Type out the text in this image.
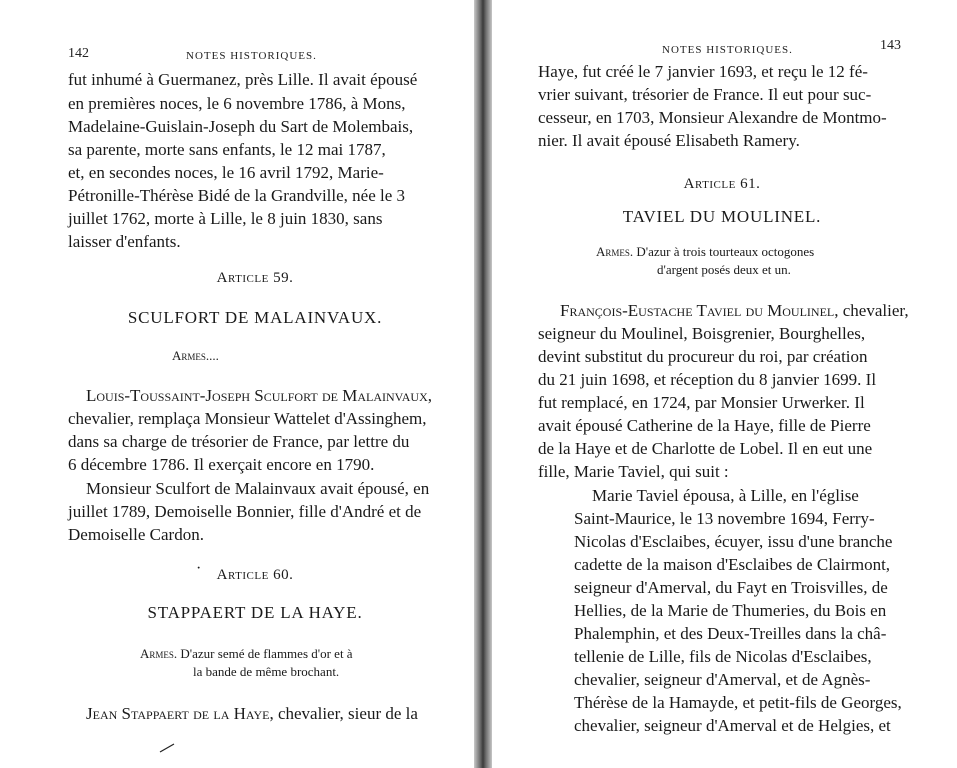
142	NOTES HISTORIQUES.
fut inhumé à Guermanez, près Lille. Il avait épousé
en premières noces, le 6 novembre 1786, à Mons,
Madelaine-Guislain-Joseph du Sart de Molembais,
sa parente, morte sans enfants, le 12 mai 1787,
et, en secondes noces, le 16 avril 1792, Marie-
Pétronille-Thérèse Bidé de la Grandville, née le 3
juillet 1762, morte à Lille, le 8 juin 1830, sans
laisser d'enfants.
Article 59.
SCULFORT DE MALAINVAUX.
Armes....
Louis-Toussaint-Joseph Sculfort de Malainvaux,
chevalier, remplaça Monsieur Wattelet d'Assinghem,
dans sa charge de trésorier de France, par lettre du
6 décembre 1786. Il exerçait encore en 1790.
Monsieur Sculfort de Malainvaux avait épousé, en
juillet 1789, Demoiselle Bonnier, fille d'André et de
Demoiselle Cardon.
·	Article 60.
STAPPAERT DE LA HAYE.
Armes. D'azur semé de flammes d'or et à
la bande de même brochant.
Jean Stappaert de la Haye, chevalier, sieur de la
NOTES HISTORIQUES.	143
Haye, fut créé le 7 janvier 1693, et reçu le 12 fé-
vrier suivant, trésorier de France. Il eut pour suc-
cesseur, en 1703, Monsieur Alexandre de Montmo-
nier. Il avait épousé Elisabeth Ramery.
Article 61.
TAVIEL DU MOULINEL.
Armes. D'azur à trois tourteaux octogones
d'argent posés deux et un.
François-Eustache Taviel du Moulinel, chevalier,
seigneur du Moulinel, Boisgrenier, Bourghelles,
devint substitut du procureur du roi, par création
du 21 juin 1698, et réception du 8 janvier 1699. Il
fut remplacé, en 1724, par Monsier Urwerker. Il
avait épousé Catherine de la Haye, fille de Pierre
de la Haye et de Charlotte de Lobel. Il en eut une
fille, Marie Taviel, qui suit :
Marie Taviel épousa, à Lille, en l'église
Saint-Maurice, le 13 novembre 1694, Ferry-
Nicolas d'Esclaibes, écuyer, issu d'une branche
cadette de la maison d'Esclaibes de Clairmont,
seigneur d'Amerval, du Fayt en Troisvilles, de
Hellies, de la Marie de Thumeries, du Bois en
Phalemphin, et des Deux-Treilles dans la châ-
tellenie de Lille, fils de Nicolas d'Esclaibes,
chevalier, seigneur d'Amerval, et de Agnès-
Thérèse de la Hamayde, et petit-fils de Georges,
chevalier, seigneur d'Amerval et de Helgies, et
